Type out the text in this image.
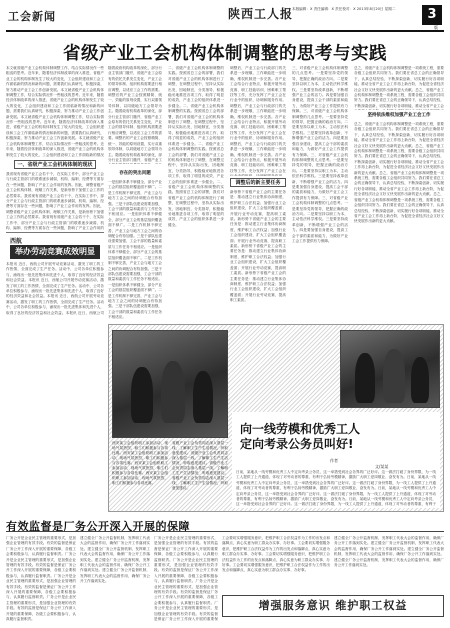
工会新闻	陕西工人报
本版编辑：X 责任编辑：X 责任校对：X 2013年8月20日 星期二	3
版
省级产业工会机构体制调整的思考与实践
本文就省级产业工会机构体制调整工作，结合实际情况作一些粗浅的思考。近年来，随着经济体制改革的深入推进，省级产业工会的机构体制发生了较大的变化，工会组织建设和工会工作面临新的情况和新的问题，需要我们认真研究，积极探索，努力推动产业工会工作创新发展。本文就省级产业工会机构体制调整工作，结合实际情况作一些粗浅的思考。近年来，随着经济体制改革的深入推进，省级产业工会的机构体制发生了较大的变化，工会组织建设和工会工作面临新的情况和新的问题，需要我们认真研究，积极探索，努力推动产业工会工作创新发展。本文就省级产业工会机构体制调整工作，结合实际情况作一些粗浅的思考。近年来，随着经济体制改革的深入推进，省级产业工会的机构体制发生了较大的变化，工会组织建设和工会工作面临新的情况和新的问题，需要我们认真研究，积极探索，努力推动产业工会工作创新发展。本文就省级产业工会机构体制调整工作，结合实际情况作一些粗浅的思考。近年来，随着经济体制改革的深入推进，省级产业工会的机构体制发生了较大的变化，工会组织建设和工会工作面临新的情况
一、省级产业工会机构体制的现状
我省现有省级产业工会若干个，在实际工作中，部分产业工会与行政主管部门的联系逐步减弱，机构、编制、经费等方面存在一些问题，影响了产业工会作用的发挥。因此，调整省级产业工会机构体制，理顺工作关系，是新形势下加强工会工作的必然要求。我省现有省级产业工会若干个，在实际工作中，部分产业工会与行政主管部门的联系逐步减弱，机构、编制、经费等方面存在一些问题，影响了产业工会作用的发挥。因此，调整省级产业工会机构体制，理顺工作关系，是新形势下加强工会工作的必然要求。我省现有省级产业工会若干个，在实际工作中，部分产业工会与行政主管部门的联系逐步减弱，机构、编制、经费等方面存在一些问题，影响了产业工会作用的
西航
举办劳动竞赛成效明显
本报讯 近日，西航公司开展劳动竞赛活动，激发了职工的工作热情，全面完成了生产任务。活动中，公司各单位积极参与，涌现出一批先进集体和先进个人，取得了良好的经济效益和社会效益。本报讯 近日，西航公司开展劳动竞赛活动，激发了职工的工作热情，全面完成了生产任务。活动中，公司各单位积极参与，涌现出一批先进集体和先进个人，取得了良好的经济效益和社会效益。本报讯 近日，西航公司开展劳动竞赛活动，激发了职工的工作热情，全面完成了生产任务。活动中，公司各单位积极参与，涌现出一批先进集体和先进个人，取得了良好的经济效益和社会效益。本报讯 近日，西航公司
随着政府机构改革的深化，部分行业主管部门撤并，省级产业工会原有的依托关系发生变化，产业工会的领导体制、组织机构需要进行相应调整，以适应工会工作的需要。调整后的产业工会按照精简、统一、效能的原则设置，实行双重领导体制，以同级地方工会领导为主。随着政府机构改革的深化，部分行业主管部门撤并，省级产业工会原有的依托关系发生变化，产业工会的领导体制、组织机构需要进行相应调整，以适应工会工作的需要。调整后的产业工会按照精简、统一、效能的原则设置，实行双重领导体制，以同级地方工会领导为主。随着政府机构改革的深化，部分行业主管部门撤并，省级产业工
存在的突出问题
一是组织体系不够健全，部分产业工会的基层组织覆盖面不够广。二是工作机制不够完善，产业工会与地方工会之间的协调配合有待加强。三是干部队伍建设需要加强，工会干部的数量和素质与工作任务不相适应。一是组织体系不够健全，部分产业工会的基层组织覆盖面不够广。二是工作机制不够完善，产业工会与地方工会之间的协调配合有待加强。三是干部队伍建设需要加强，工会干部的数量和素质与工作任务不相适应。一是组织体系不够健全，部分产业工会的基层组织覆盖面不够广。二是工作机制不够完善，产业工会与地方工会之间的协调配合有待加强。三是干部队伍建设需要加强，工会干部的数量和素质与工作任务不相适应。一是组织体系不够健全，部分产业工会的基层组织覆盖面不够广。二是工作机制不够完善，产业工会与地方工会之间的协调配合有待加强。三是干部队伍建设需要加强，工会干部的数量和素质与工作任务不相适应。
二、省级产业工会机构体制调整的实践。按照省总工会的部署，我们对省级产业工会的机构体制进行了调整，在调整过程中，坚持从实际出发，因地制宜，分类指导，积极稳妥地推进各项工作，取得了明显的成效，产业工会的组织体系进一步健全。二、省级产业工会机构体制调整的实践。按照省总工会的部署，我们对省级产业工会的机构体制进行了调整，在调整过程中，坚持从实际出发，因地制宜，分类指导，积极稳妥地推进各项工作，取得了明显的成效，产业工会的组织体系进一步健全。二、省级产业工会机构体制调整的实践。按照省总工会的部署，我们对省级产业工会的机构体制进行了调整，在调整过程中，坚持从实际出发，因地制宜，分类指导，积极稳妥地推进各项工作，取得了明显的成效，产业工会的组织体系进一步健全。二、省级产业工会机构体制调整的实践。按照省总工会的部署，我们对省级产业工会的机构体制进行了调整，在调整过程中，坚持从实际出发，因地制宜，分类指导，积极稳妥地推进各项工作，取得了明显的成效，产业工会的组织体系进一步健全。
调整后，产业工会与行政部门的关系进一步理顺，工作职能进一步明确，维权机制进一步完善。各产业工会结合行业特点，积极开展劳动竞赛、职工技能培训、困难职工帮扶等工作，充分发挥了产业工会在行业中的组织、协调和服务作用。调整后，产业工会与行政部门的关系进一步理顺，工作职能进一步明确，维权机制进一步完善。各产业工会结合行业特点，积极开展劳动竞赛、职工技能培训、困难职工帮扶等工作，充分发挥了产业工会在行业中的组织、协调和服务作用。调整后，产业工会与行政部门的关系进一步理顺，工作职能进一步明确，维权机制进一步完善。各产业工会结合行业特点，积极开展劳动竞赛、职工技能培训、困难职工帮扶等工作，充分发挥了产业工会在
调整后的新主要任务
新形势下省级产业工会的主要任务是：推动建立行业集体协商制度，维护职工合法权益；加强行业工会组织建设，扩大工会组织覆盖面；开展行业劳动竞赛，提高职工素质。新形势下省级产业工会的主要任务是：推动建立行业集体协商制度，维护职工合法权益；加强行业工会组织建设，扩大工会组织覆盖面；开展行业劳动竞赛，提高职工素质。新形势下省级产业工会的主要任务是：推动建立行业集体协商制度，维护职工合法权益；加强行业工会组织建设，扩大工会组织覆盖面；开展行业劳动竞赛，提高职工素质。新形势下省级产业工会的主要任务是：推动建立行业集体协商制度，维护职工合法权益；加强行业工会组织建设，扩大工会组织覆盖面；开展行业劳动竞赛，提高职工素质。
三、对省级产业工会机构体制调整的几点思考。一是要坚持党的领导，把握正确的政治方向。二是要坚持以职工为本，主动依法科学维权。三是要坚持改革创新，不断增强产业工会的活力。四是要加强自身建设，提高工会干部的素质和能力，为做好产业工会工作提供有力保障。三、对省级产业工会机构体制调整的几点思考。一是要坚持党的领导，把握正确的政治方向。二是要坚持以职工为本，主动依法科学维权。三是要坚持改革创新，不断增强产业工会的活力。四是要加强自身建设，提高工会干部的素质和能力，为做好产业工会工作提供有力保障。三、对省级产业工会机构体制调整的几点思考。一是要坚持党的领导，把握正确的政治方向。二是要坚持以职工为本，主动依法科学维权。三是要坚持改革创新，不断增强产业工会的活力。四是要加强自身建设，提高工会干部的素质和能力，为做好产业工会工作提供有力保障。三、对省级产业工会机构体制调整的几点思考。一是要坚持党的领导，把握正确的政治方向。二是要坚持以职工为本，主动依法科学维权。三是要坚持改革创新，不断增强产业工会的活力。四是要加强自身建设，提高工会干部的素质和能力，为做好产业工会工作提供有力保障。
总之，省级产业工会机构体制调整是一项系统工程，需要各级工会组织共同努力。我们要在省总工会的正确领导下，认真总结经验，不断探索创新，切实履行好各项职能，推动全省产业工会工作再上新台阶，为促进全省经济社会又好又快发展作出新的更大贡献。总之，省级产业工会机构体制调整是一项系统工程，需要各级工会组织共同努力。我们要在省总工会的正确领导下，认真总结经验，不断探索创新，切实履行好各项职能，推动全省产业工会
坚持依法维权加强产业工会工作
总之，省级产业工会机构体制调整是一项系统工程，需要各级工会组织共同努力。我们要在省总工会的正确领导下，认真总结经验，不断探索创新，切实履行好各项职能，推动全省产业工会工作再上新台阶，为促进全省经济社会又好又快发展作出新的更大贡献。总之，省级产业工会机构体制调整是一项系统工程，需要各级工会组织共同努力。我们要在省总工会的正确领导下，认真总结经验，不断探索创新，切实履行好各项职能，推动全省产业工会工作再上新台阶，为促进全省经济社会又好又快发展作出新的更大贡献。总之，省级产业工会机构体制调整是一项系统工程，需要各级工会组织共同努力。我们要在省总工会的正确领导下，认真总结经验，不断探索创新，切实履行好各项职能，推动全省产业工会工作再上新台阶，为促进全省经济社会又好又快发展作出新的更大贡献。总之，省级产业工会机构体制调整是一项系统工程，需要各级工会组织共同努力。我们要在省总工会的正确领导下，认真总结经验，不断探索创新，切实履行好各项职能，推动全省产业工会工作再上新台阶，为促进全省经济社会又好又快发展作出新的更大贡献。
西安某工会组织职工参加活动，现场气氛热烈，职工们积极参与各项比赛。西安某工会组织职工参加活动，现场气氛热烈，职工们积极参与各项比赛。西安某工会组织职工参加活动，现场气氛热烈，职工们积极参与各项比赛。西安某工会组织职工参加活动，现场气氛热烈，职工们积极参与各项比赛。
省级产业工会负责同志深入基层一线，了解职工生产生活情况，听取意见建议。省级产业工会负责同志深入基层一线，了解职工生产生活情况，听取意见建议。省级产业工会负责同志深入基层一线，了解职工生产生活情况，听取意见建议。省级产业工会负责同志深入基层一线，了解职工生产生活情况，听取意见建议。
向一线劳模和优秀工人
定向考录公务员叫好!
作者
文/某某
日前，某地从一线劳模和优秀工人中定向考录公务员，这一举措受到社会各界的广泛好评。这一做法打破了身份界限，为一线工人提供了上升通道，体现了对劳动者的尊重，有利于弘扬劳模精神，激励广大职工爱岗敬业、奋发有为。日前，某地从一线劳模和优秀工人中定向考录公务员，这一举措受到社会各界的广泛好评。这一做法打破了身份界限，为一线工人提供了上升通道，体现了对劳动者的尊重，有利于弘扬劳模精神，激励广大职工爱岗敬业、奋发有为。日前，某地从一线劳模和优秀工人中定向考录公务员，这一举措受到社会各界的广泛好评。这一做法打破了身份界限，为一线工人提供了上升通道，体现了对劳动者的尊重，有利于弘扬劳模精神，激励广大职工爱岗敬业、奋发有为。日前，某地从一线劳模和优秀工人中定向考录公务员，这一举措受到社会各界的广泛好评。这一做法打破了身份界限，为一线工人提供了上升通道，体现了对劳动者的尊重，有利于
有效监督是厂务公开深入开展的保障
厂务公开是企业民主管理的重要形式，是加强企业管理的有效手段。有效的监督是保证厂务公开工作深入开展的重要保障，各级工会要积极参与，认真履行监督职责。厂务公开是企业民主管理的重要形式，是加强企业管理的有效手段。有效的监督是保证厂务公开工作深入开展的重要保障，各级工会要积极参与，认真履行监督职责。厂务公开是企业民主管理的重要形式，是加强企业管理的有效手段。有效的监督是保证厂务公开工作深入开展的重要保障，各级工会要积极参与，认真履行监督职责。厂务公开是企业民主管理的重要形式，是加强企业管理的有效手段。有效的监督是保证厂务公开工作深入开展的重要保障，各级工会要积极参与，认真履行监督职责。
建立健全厂务公开监督机制，发挥职工代表大会的监督作用，确保厂务公开工作落到实处。建立健全厂务公开监督机制，发挥职工代表大会的监督作用，确保厂务公开工作落到实处。建立健全厂务公开监督机制，发挥职工代表大会的监督作用，确保厂务公开工作落到实处。建立健全厂务公开监督机制，发挥职工代表大会的监督作用，确保厂务公开工作落到实处。
厂务公开是企业民主管理的重要形式，是加强企业管理的有效手段。有效的监督是保证厂务公开工作深入开展的重要保障，各级工会要积极参与，认真履行监督职责。厂务公开是企业民主管理的重要形式，是加强企业管理的有效手段。有效的监督是保证厂务公开工作深入开展的重要保障，各级工会要积极参与，认真履行监督职责。厂务公开是企业民主管理的重要形式，是加强企业管理的有效手段。有效的监督是保证厂务公开工作深入开展的重要保障，各级工会要积极参与，认真履行监督职责。厂务公开是企业民主管理的重要形式，是加强企业管理的有效手段。有效的监督是保证厂务公开工作深入开展的重要保
工会要切实增强服务意识，把维护职工合法权益作为工作的出发点和落脚点，真心实意为职工群众办实事、办好事。工会要切实增强服务意识，把维护职工合法权益作为工作的出发点和落脚点，真心实意为职工群众办实事、办好事。工会要切实增强服务意识，把维护职工合法权益作为工作的出发点和落脚点，真心实意为职工群众办实事、办好事。工会要切实增强服务意识，把维护职工合法权益作为工作的出发点和落脚点，真心实意为职工群众办实事、办好事。
建立健全厂务公开监督机制，发挥职工代表大会的监督作用，确保厂务公开工作落到实处。建立健全厂务公开监督机制，发挥职工代表大会的监督作用，确保厂务公开工作落到实处。建立健全厂务公开监督机制，发挥职工代表大会的监督作用，确保厂务公开工作落到实处。建立健全厂务公开监督机制，发挥职工代表大会的监督作用，确保厂务公开工作落到实处。
增强服务意识 维护职工权益
